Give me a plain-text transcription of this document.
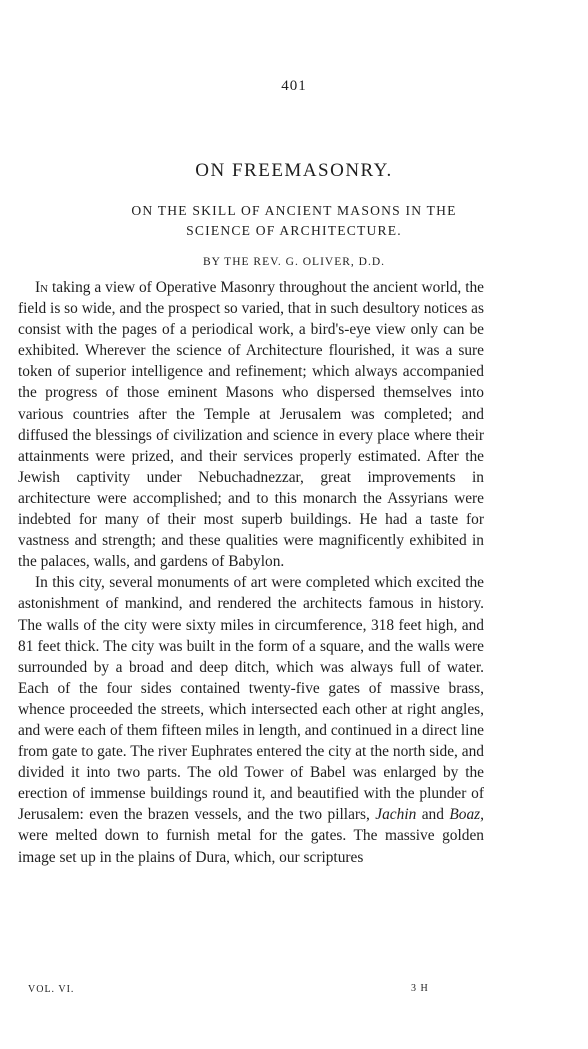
401
ON FREEMASONRY.
ON THE SKILL OF ANCIENT MASONS IN THE
SCIENCE OF ARCHITECTURE.
BY THE REV. G. OLIVER, D.D.

In taking a view of Operative Masonry throughout the ancient world, the field is so wide, and the prospect so varied, that in such desultory notices as consist with the pages of a periodical work, a bird's-eye view only can be exhibited. Wherever the science of Architecture flourished, it was a sure token of superior intelligence and refinement; which always accompanied the progress of those eminent Masons who dispersed themselves into various countries after the Temple at Jerusalem was completed; and diffused the blessings of civilization and science in every place where their attainments were prized, and their services properly estimated. After the Jewish captivity under Nebuchadnezzar, great improvements in architecture were accomplished; and to this monarch the Assyrians were indebted for many of their most superb buildings. He had a taste for vastness and strength; and these qualities were magnificently exhibited in the palaces, walls, and gardens of Babylon.

In this city, several monuments of art were completed which excited the astonishment of mankind, and rendered the architects famous in history. The walls of the city were sixty miles in circumference, 318 feet high, and 81 feet thick. The city was built in the form of a square, and the walls were surrounded by a broad and deep ditch, which was always full of water. Each of the four sides contained twenty-five gates of massive brass, whence proceeded the streets, which intersected each other at right angles, and were each of them fifteen miles in length, and continued in a direct line from gate to gate. The river Euphrates entered the city at the north side, and divided it into two parts. The old Tower of Babel was enlarged by the erection of immense buildings round it, and beautified with the plunder of Jerusalem: even the brazen vessels, and the two pillars, Jachin and Boaz, were melted down to furnish metal for the gates. The massive golden image set up in the plains of Dura, which, our scriptures

VOL. VI.	3 H
